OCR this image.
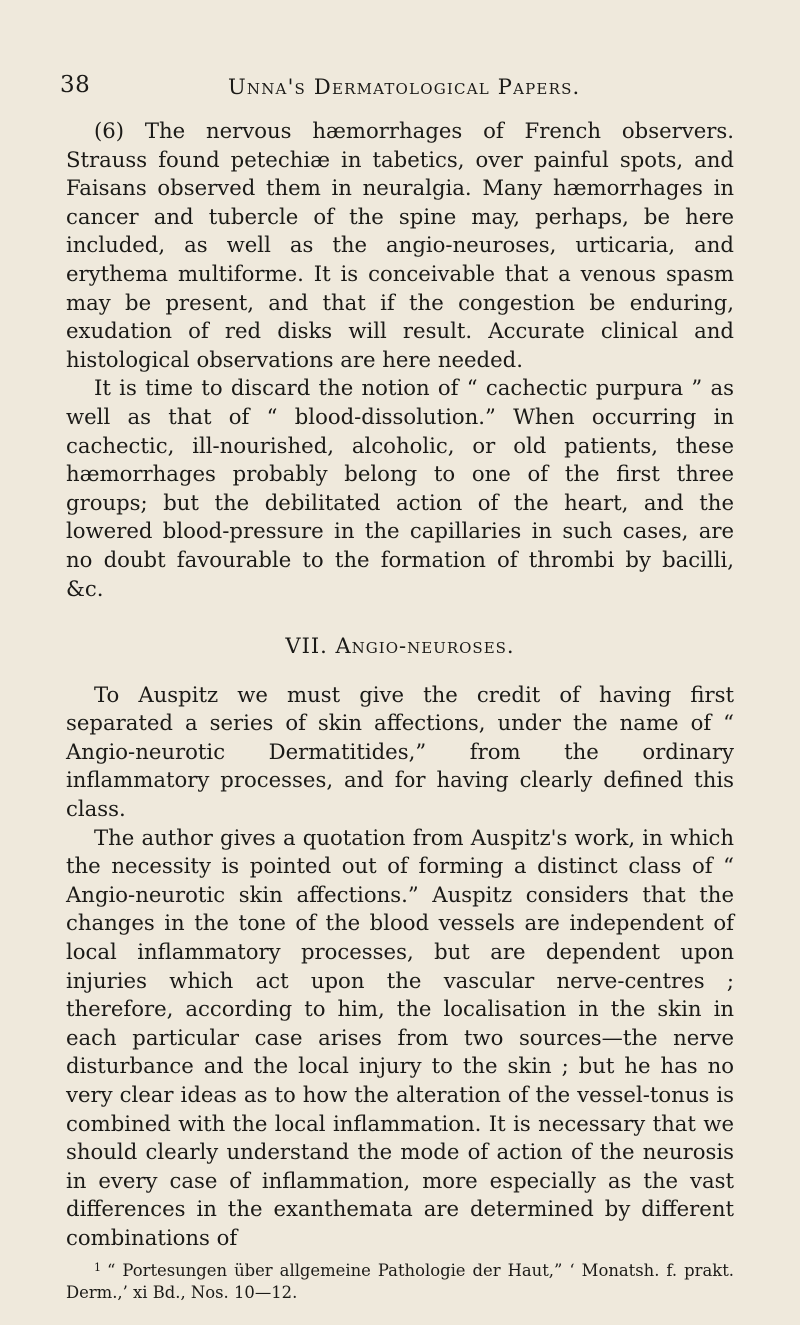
38	Unna's Dermatological Papers.

(6) The nervous hæmorrhages of French observers. Strauss found petechiæ in tabetics, over painful spots, and Faisans observed them in neuralgia. Many hæmorrhages in cancer and tubercle of the spine may, perhaps, be here included, as well as the angio-neuroses, urticaria, and erythema multiforme. It is conceivable that a venous spasm may be present, and that if the congestion be enduring, exudation of red disks will result. Accurate clinical and histological observations are here needed.

It is time to discard the notion of “ cachectic purpura ” as well as that of “ blood-dissolution.” When occurring in cachectic, ill-nourished, alcoholic, or old patients, these hæmorrhages probably belong to one of the first three groups; but the debilitated action of the heart, and the lowered blood-pressure in the capillaries in such cases, are no doubt favourable to the formation of thrombi by bacilli, &c.

VII. Angio-neuroses.

To Auspitz we must give the credit of having first separated a series of skin affections, under the name of “ Angio-neurotic Dermatitides,” from the ordinary inflammatory processes, and for having clearly defined this class.

The author gives a quotation from Auspitz's work, in which the necessity is pointed out of forming a distinct class of “ Angio-neurotic skin affections.” Auspitz considers that the changes in the tone of the blood vessels are independent of local inflammatory processes, but are dependent upon injuries which act upon the vascular nerve-centres ; therefore, according to him, the localisation in the skin in each particular case arises from two sources—the nerve disturbance and the local injury to the skin ; but he has no very clear ideas as to how the alteration of the vessel-tonus is combined with the local inflammation. It is necessary that we should clearly understand the mode of action of the neurosis in every case of inflammation, more especially as the vast differences in the exanthemata are determined by different combinations of

$^1$ “ Portesungen über allgemeine Pathologie der Haut,” ‘ Monatsh. f. prakt. Derm.,’ xi Bd., Nos. 10—12.
